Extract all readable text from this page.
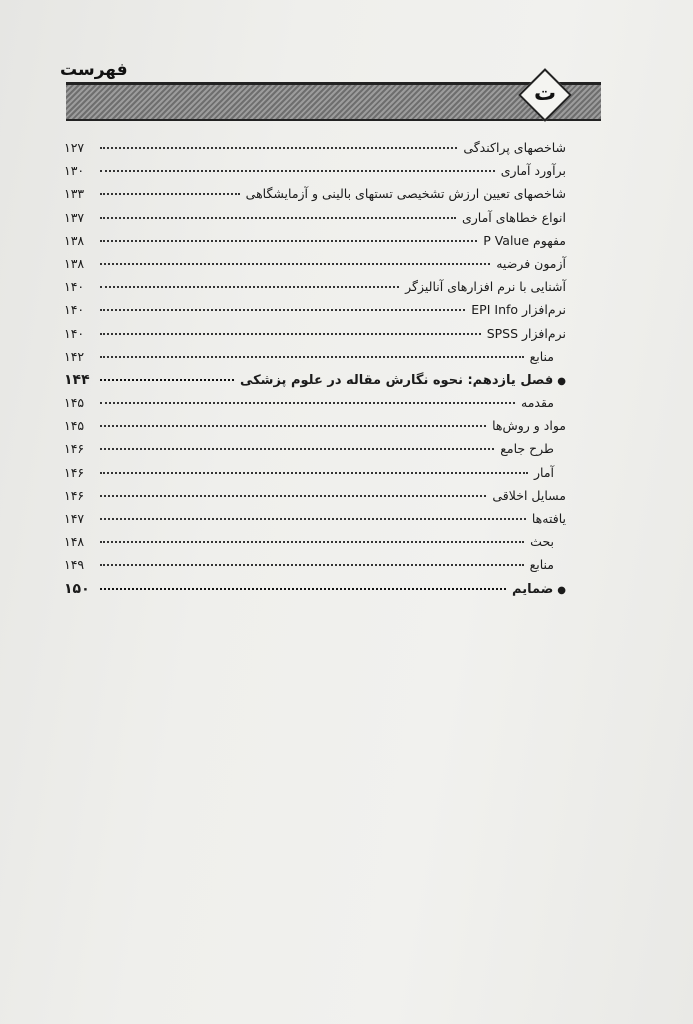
فهرست
ت
شاخصهای پراکندگی
۱۲۷
برآورد آماری
۱۳۰
شاخصهای تعیین ارزش تشخیصی تستهای بالینی و آزمایشگاهی
۱۳۳
انواع خطاهای آماری
۱۳۷
مفهوم P Value
۱۳۸
آزمون فرضیه
۱۳۸
آشنایی با نرم افزارهای آنالیزگر
۱۴۰
نرم‌افزار EPI Info
۱۴۰
نرم‌افزار SPSS
۱۴۰
منابع
۱۴۲
●فصل یازدهم: نحوه نگارش مقاله در علوم پزشکی
۱۴۴
مقدمه
۱۴۵
مواد و روش‌ها
۱۴۵
طرح جامع
۱۴۶
آمار
۱۴۶
مسایل اخلاقی
۱۴۶
یافته‌ها
۱۴۷
بحث
۱۴۸
منابع
۱۴۹
●ضمایم
۱۵۰
